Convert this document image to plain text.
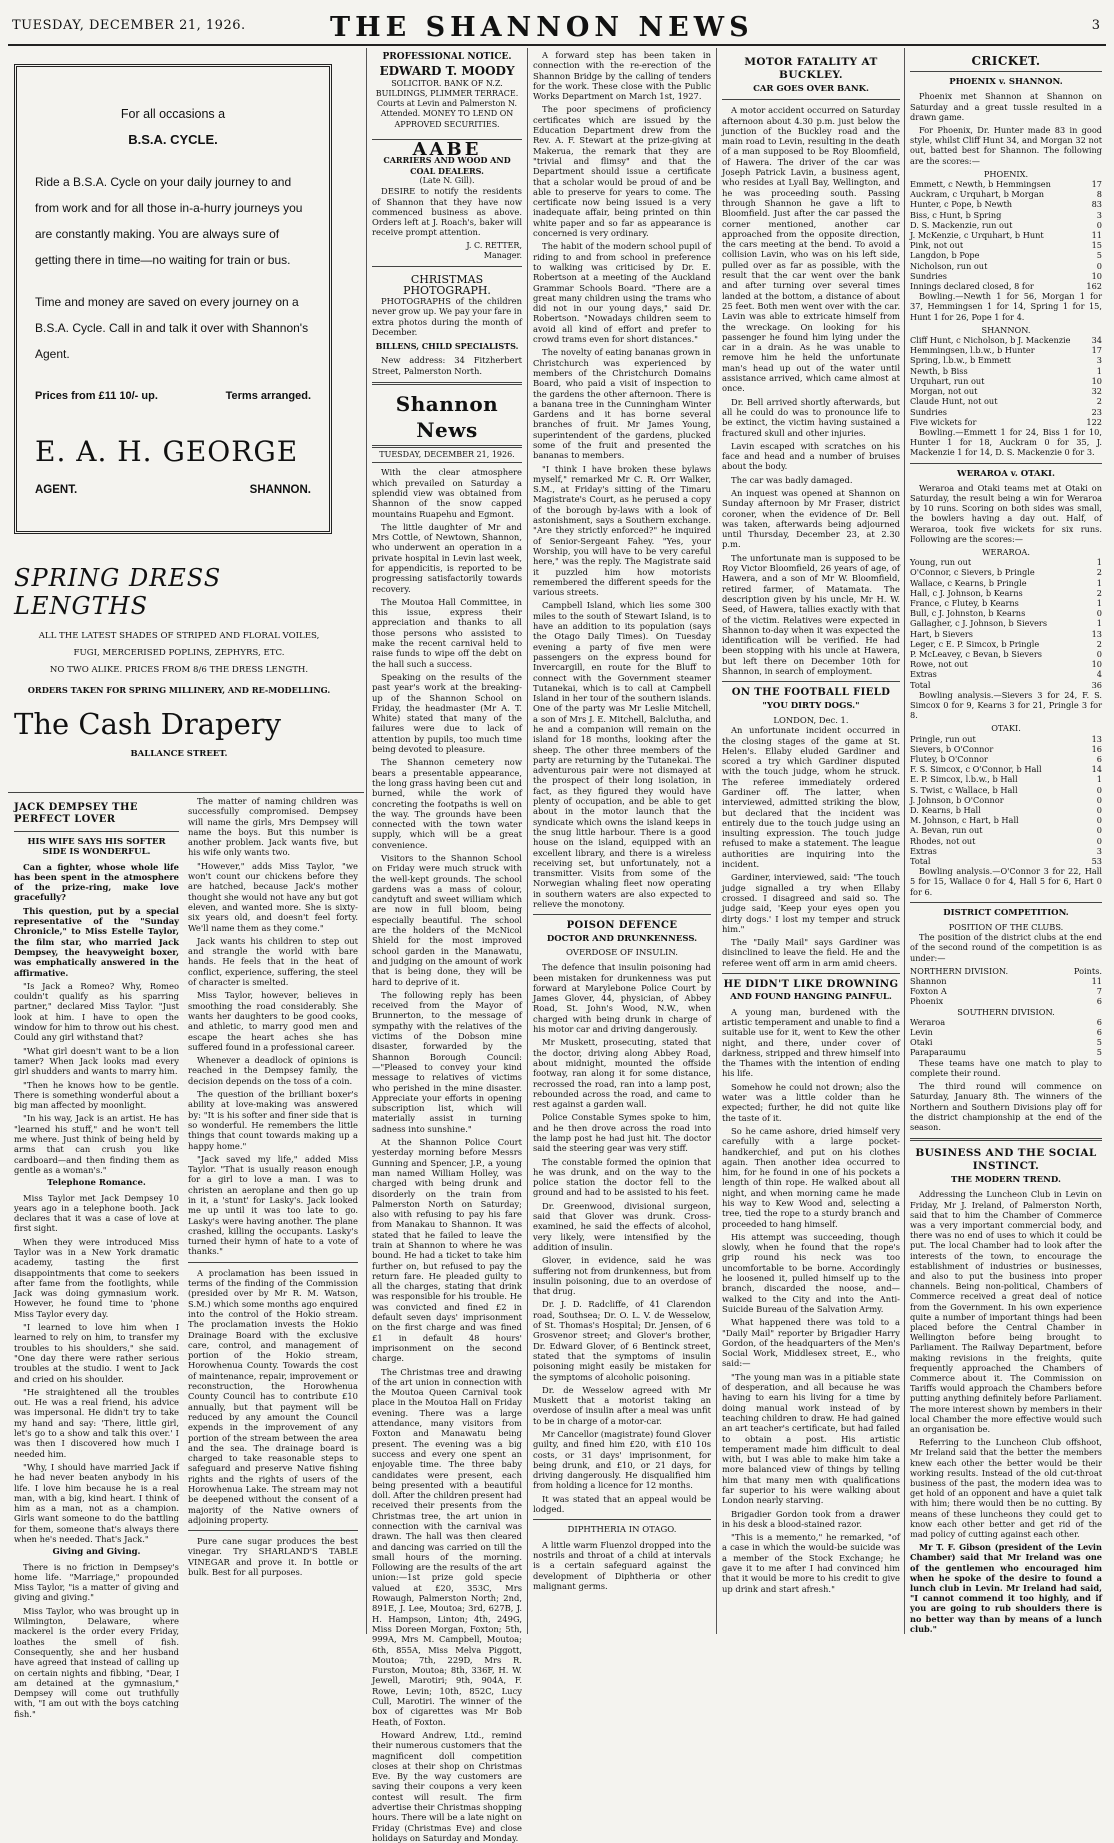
TUESDAY, DECEMBER 21, 1926.	THE SHANNON NEWS	3
For all occasions a
B.S.A. CYCLE.
Ride a B.S.A. Cycle on your daily journey to and from work and for all those in-a-hurry journeys you are constantly making. You are always sure of getting there in time—no waiting for train or bus.
Time and money are saved on every journey on a B.S.A. Cycle. Call in and talk it over with Shannon's Agent.
Prices from £11 10/- up.	Terms arranged.
E. A. H. GEORGE
AGENT.	SHANNON.
SPRING DRESS LENGTHS
ALL THE LATEST SHADES OF STRIPED AND FLORAL VOILES, FUGI, MERCERISED POPLINS, ZEPHYRS, ETC.
NO TWO ALIKE. PRICES FROM 8/6 THE DRESS LENGTH.
ORDERS TAKEN FOR SPRING MILLINERY, AND RE-MODELLING.
The Cash Drapery
BALLANCE STREET.
JACK DEMPSEY THE PERFECT LOVER
HIS WIFE SAYS HIS SOFTER SIDE IS WONDERFUL.

Can a fighter, whose whole life has been spent in the atmosphere of the prize-ring, make love gracefully?

This question, put by a special representative of the "Sunday Chronicle," to Miss Estelle Taylor, the film star, who married Jack Dempsey, the heavyweight boxer, was emphatically answered in the affirmative.

"Is Jack a Romeo? Why, Romeo couldn't qualify as his sparring partner," declared Miss Taylor. "Just look at him. I have to open the window for him to throw out his chest. Could any girl withstand that?

"What girl doesn't want to be a lion tamer? When Jack looks mad every girl shudders and wants to marry him.

"Then he knows how to be gentle. There is something wonderful about a big man affected by moonlight.

"In his way, Jack is an artist. He has "learned his stuff," and he won't tell me where. Just think of being held by arms that can crush you like cardboard—and then finding them as gentle as a woman's."

Telephone Romance.

Miss Taylor met Jack Dempsey 10 years ago in a telephone booth. Jack declares that it was a case of love at first sight.

When they were introduced Miss Taylor was in a New York dramatic academy, tasting the first disappointments that come to seekers after fame from the footlights, while Jack was doing gymnasium work. However, he found time to 'phone Miss Taylor every day.

"I learned to love him when I learned to rely on him, to transfer my troubles to his shoulders," she said. "One day there were rather serious troubles at the studio. I went to Jack and cried on his shoulder.

"He straightened all the troubles out. He was a real friend, his advice was impersonal. He didn't try to take my hand and say: 'There, little girl, let's go to a show and talk this over.' I was then I discovered how much I needed him.

"Why, I should have married Jack if he had never beaten anybody in his life. I love him because he is a real man, with a big, kind heart. I think of him as a man, not as a champion. Girls want someone to do the battling for them, someone that's always there when he's needed. That's Jack."

Giving and Giving.

There is no friction in Dempsey's home life. "Marriage," propounded Miss Taylor, "is a matter of giving and giving and giving."

Miss Taylor, who was brought up in Wilmington, Delaware, where mackerel is the order every Friday, loathes the smell of fish. Consequently, she and her husband have agreed that instead of calling up on certain nights and fibbing, "Dear, I am detained at the gymnasium," Dempsey will come out truthfully with, "I am out with the boys catching fish."

The matter of naming children was successfully compromised. Dempsey will name the girls, Mrs Dempsey will name the boys. But this number is another problem. Jack wants five, but his wife only wants two.

"However," adds Miss Taylor, "we won't count our chickens before they are hatched, because Jack's mother thought she would not have any but got eleven, and wanted more. She is sixty-six years old, and doesn't feel forty. We'll name them as they come."

Jack wants his children to step out and strangle the world with bare hands. He feels that in the heat of conflict, experience, suffering, the steel of character is smelted.

Miss Taylor, however, believes in smoothing the road considerably. She wants her daughters to be good cooks, and athletic, to marry good men and escape the heart aches she has suffered found in a professional career.

Whenever a deadlock of opinions is reached in the Dempsey family, the decision depends on the toss of a coin.

The question of the brilliant boxer's ability at love-making was answered by: "It is his softer and finer side that is so wonderful. He remembers the little things that count towards making up a happy home."

"Jack saved my life," added Miss Taylor. "That is usually reason enough for a girl to love a man. I was to christen an aeroplane and then go up in it, a 'stunt' for Lasky's. Jack looked me up until it was too late to go. Lasky's were having another. The plane crashed, killing the occupants. Lasky's turned their hymn of hate to a vote of thanks."

A proclamation has been issued in terms of the finding of the Commission (presided over by Mr R. M. Watson, S.M.) which some months ago enquired into the control of the Hokio stream. The proclamation invests the Hokio Drainage Board with the exclusive care, control, and management of portion of the Hokio stream, Horowhenua County. Towards the cost of maintenance, repair, improvement or reconstruction, the Horowhenua County Council has to contribute £10 annually, but that payment will be reduced by any amount the Council expends in the improvement of any portion of the stream between the area and the sea. The drainage board is charged to take reasonable steps to safeguard and preserve Native fishing rights and the rights of users of the Horowhenua Lake. The stream may not be deepened without the consent of a majority of the Native owners of adjoining property.

Pure cane sugar produces the best vinegar. Try SHARLAND'S TABLE VINEGAR and prove it. In bottle or bulk. Best for all purposes.

PROFESSIONAL NOTICE.
EDWARD T. MOODY
SOLICITOR. BANK OF N.Z. BUILDINGS, PLIMMER TERRACE. Courts at Levin and Palmerston N. Attended. MONEY TO LEND ON APPROVED SECURITIES.
AABE
CARRIERS AND WOOD AND COAL DEALERS.
(Late N. Gill).

DESIRE to notify the residents of Shannon that they have now commenced business as above. Orders left at J. Roach's, baker will receive prompt attention.

J. C. RETTER,
Manager.
CHRISTMAS PHOTOGRAPH.

PHOTOGRAPHS of the children never grow up. We pay your fare in extra photos during the month of December.

BILLENS, CHILD SPECIALISTS.

New address: 34 Fitzherbert Street, Palmerston North.

Shannon News
TUESDAY, DECEMBER 21, 1926.

With the clear atmosphere which prevailed on Saturday a splendid view was obtained from Shannon of the snow capped mountains Ruapehu and Egmont.

The little daughter of Mr and Mrs Cottle, of Newtown, Shannon, who underwent an operation in a private hospital in Levin last week, for appendicitis, is reported to be progressing satisfactorily towards recovery.

The Moutoa Hall Committee, in this issue, express their appreciation and thanks to all those persons who assisted to make the recent carnival held to raise funds to wipe off the debt on the hall such a success.

Speaking on the results of the past year's work at the breaking-up of the Shannon School on Friday, the headmaster (Mr A. T. White) stated that many of the failures were due to lack of attention by pupils, too much time being devoted to pleasure.

The Shannon cemetery now bears a presentable appearance, the long grass having been cut and burned, while the work of concreting the footpaths is well on the way. The grounds have been connected with the town water supply, which will be a great convenience.

Visitors to the Shannon School on Friday were much struck with the well-kept grounds. The school gardens was a mass of colour, candytuft and sweet william which are now in full bloom, being especially beautiful. The school are the holders of the McNicol Shield for the most improved school garden in the Manawatu, and judging on the amount of work that is being done, they will be hard to deprive of it.

The following reply has been received from the Mayor of Brunnerton, to the message of sympathy with the relatives of the victims of the Dobson mine disaster, forwarded by the Shannon Borough Council:—"Pleased to convey your kind message to relatives of victims who perished in the mine disaster. Appreciate your efforts in opening subscription list, which will materially assist in turning sadness into sunshine."

At the Shannon Police Court yesterday morning before Messrs Gunning and Spencer, J.P., a young man named William Holley, was charged with being drunk and disorderly on the train from Palmerston North on Saturday; also with refusing to pay his fare from Manakau to Shannon. It was stated that he failed to leave the train at Shannon to where he was bound. He had a ticket to take him further on, but refused to pay the return fare. He pleaded guilty to all the charges, stating that drink was responsible for his trouble. He was convicted and fined £2 in default seven days' imprisonment on the first charge and was fined £1 in default 48 hours' imprisonment on the second charge.

The Christmas tree and drawing of the art union in connection with the Moutoa Queen Carnival took place in the Moutoa Hall on Friday evening. There was a large attendance, many visitors from Foxton and Manawatu being present. The evening was a big success and every one spent an enjoyable time. The three baby candidates were present, each being presented with a beautiful doll. After the children present had received their presents from the Christmas tree, the art union in connection with the carnival was drawn. The hall was then cleared and dancing was carried on till the small hours of the morning. Following are the results of the art union:—1st prize gold specie valued at £20, 353C, Mrs Rowaugh, Palmerston North; 2nd, 891E, J. Lee, Moutoa; 3rd, 627B, J. H. Hampson, Linton; 4th, 249G, Miss Doreen Morgan, Foxton; 5th, 999A, Mrs M. Campbell, Moutoa; 6th, 855A, Miss Melva Piggott, Moutoa; 7th, 229D, Mrs R. Furston, Moutoa; 8th, 336F, H. W. Jewell, Marotiri; 9th, 904A, F. Rowe, Levin; 10th, 852C, Lucy Cull, Marotiri. The winner of the box of cigarettes was Mr Bob Heath, of Foxton.

Howard Andrew, Ltd., remind their numerous customers that the magnificent doll competition closes at their shop on Christmas Eve. By the way customers are saving their coupons a very keen contest will result. The firm advertise their Christmas shopping hours. There will be a late night on Friday (Christmas Eve) and close holidays on Saturday and Monday.

A forward step has been taken in connection with the re-erection of the Shannon Bridge by the calling of tenders for the work. These close with the Public Works Department on March 1st, 1927.

The poor specimens of proficiency certificates which are issued by the Education Department drew from the Rev. A. F. Stewart at the prize-giving at Makerua, the remark that they are "trivial and flimsy" and that the Department should issue a certificate that a scholar would be proud of and be able to preserve for years to come. The certificate now being issued is a very inadequate affair, being printed on thin white paper and so far as appearance is concerned is very ordinary.

The habit of the modern school pupil of riding to and from school in preference to walking was criticised by Dr. E. Robertson at a meeting of the Auckland Grammar Schools Board. "There are a great many children using the trams who did not in our young days," said Dr. Robertson. "Nowadays children seem to avoid all kind of effort and prefer to crowd trams even for short distances."

The novelty of eating bananas grown in Christchurch was experienced by members of the Christchurch Domains Board, who paid a visit of inspection to the gardens the other afternoon. There is a banana tree in the Cunningham Winter Gardens and it has borne several branches of fruit. Mr James Young, superintendent of the gardens, plucked some of the fruit and presented the bananas to members.

"I think I have broken these bylaws myself," remarked Mr C. R. Orr Walker, S.M., at Friday's sitting of the Timaru Magistrate's Court, as he perused a copy of the borough by-laws with a look of astonishment, says a Southern exchange. "Are they strictly enforced?" he inquired of Senior-Sergeant Fahey. "Yes, your Worship, you will have to be very careful here," was the reply. The Magistrate said it puzzled him how motorists remembered the different speeds for the various streets.

Campbell Island, which lies some 300 miles to the south of Stewart Island, is to have an addition to its population (says the Otago Daily Times). On Tuesday evening a party of five men were passengers on the express bound for Invercargill, en route for the Bluff to connect with the Government steamer Tutanekai, which is to call at Campbell Island in her tour of the southern islands. One of the party was Mr Leslie Mitchell, a son of Mrs J. E. Mitchell, Balclutha, and he and a companion will remain on the island for 18 months, looking after the sheep. The other three members of the party are returning by the Tutanekai. The adventurous pair were not dismayed at the prospect of their long isolation, in fact, as they figured they would have plenty of occupation, and be able to get about in the motor launch that the syndicate which owns the island keeps in the snug little harbour. There is a good house on the island, equipped with an excellent library, and there is a wireless receiving set, but unfortunately, not a transmitter. Visits from some of the Norwegian whaling fleet now operating in southern waters are also expected to relieve the monotony.

POISON DEFENCE
DOCTOR AND DRUNKENNESS.
OVERDOSE OF INSULIN.

The defence that insulin poisoning had been mistaken for drunkenness was put forward at Marylebone Police Court by James Glover, 44, physician, of Abbey Road, St. John's Wood, N.W., when charged with being drunk in charge of his motor car and driving dangerously.

Mr Muskett, prosecuting, stated that the doctor, driving along Abbey Road, about midnight, mounted the offside footway, ran along it for some distance, recrossed the road, ran into a lamp post, rebounded across the road, and came to rest against a garden wall.

Police Constable Symes spoke to him, and he then drove across the road into the lamp post he had just hit. The doctor said the steering gear was very stiff.

The constable formed the opinion that he was drunk, and on the way to the police station the doctor fell to the ground and had to be assisted to his feet.

Dr. Greenwood, divisional surgeon, said that Glover was drunk. Cross-examined, he said the effects of alcohol, very likely, were intensified by the addition of insulin.

Glover, in evidence, said he was suffering not from drunkenness, but from insulin poisoning, due to an overdose of that drug.

Dr. J. D. Radcliffe, of 41 Clarendon road, Southsea; Dr. O. L. V. de Wesselow, of St. Thomas's Hospital; Dr. Jensen, of 6 Grosvenor street; and Glover's brother, Dr. Edward Glover, of 6 Bentinck street, stated that the symptoms of insulin poisoning might easily be mistaken for the symptoms of alcoholic poisoning.

Dr. de Wesselow agreed with Mr Muskett that a motorist taking an overdose of insulin after a meal was unfit to be in charge of a motor-car.

Mr Cancellor (magistrate) found Glover guilty, and fined him £20, with £10 10s costs, or 31 days' imprisonment, for being drunk, and £10, or 21 days, for driving dangerously. He disqualified him from holding a licence for 12 months.

It was stated that an appeal would be lodged.

DIPHTHERIA IN OTAGO.

A little warm Fluenzol dropped into the nostrils and throat of a child at intervals is a certain safeguard against the development of Diphtheria or other malignant germs.

MOTOR FATALITY AT BUCKLEY.
CAR GOES OVER BANK.

A motor accident occurred on Saturday afternoon about 4.30 p.m. just below the junction of the Buckley road and the main road to Levin, resulting in the death of a man supposed to be Roy Bloomfield, of Hawera. The driver of the car was Joseph Patrick Lavin, a business agent, who resides at Lyall Bay, Wellington, and he was proceeding south. Passing through Shannon he gave a lift to Bloomfield. Just after the car passed the corner mentioned, another car approached from the opposite direction, the cars meeting at the bend. To avoid a collision Lavin, who was on his left side, pulled over as far as possible, with the result that the car went over the bank and after turning over several times landed at the bottom, a distance of about 25 feet. Both men went over with the car. Lavin was able to extricate himself from the wreckage. On looking for his passenger he found him lying under the car in a drain. As he was unable to remove him he held the unfortunate man's head up out of the water until assistance arrived, which came almost at once.

Dr. Bell arrived shortly afterwards, but all he could do was to pronounce life to be extinct, the victim having sustained a fractured skull and other injuries.

Lavin escaped with scratches on his face and head and a number of bruises about the body.

The car was badly damaged.

An inquest was opened at Shannon on Sunday afternoon by Mr Fraser, district coroner, when the evidence of Dr. Bell was taken, afterwards being adjourned until Thursday, December 23, at 2.30 p.m.

The unfortunate man is supposed to be Roy Victor Bloomfield, 26 years of age, of Hawera, and a son of Mr W. Bloomfield, retired farmer, of Matamata. The description given by his uncle, Mr H. W. Seed, of Hawera, tallies exactly with that of the victim. Relatives were expected in Shannon to-day when it was expected the identification will be verified. He had been stopping with his uncle at Hawera, but left there on December 10th for Shannon, in search of employment.

ON THE FOOTBALL FIELD
"YOU DIRTY DOGS."
LONDON, Dec. 1.

An unfortunate incident occurred in the closing stages of the game at St. Helen's. Ellaby eluded Gardiner and scored a try which Gardiner disputed with the touch judge, whom he struck. The referee immediately ordered Gardiner off. The latter, when interviewed, admitted striking the blow, but declared that the incident was entirely due to the touch judge using an insulting expression. The touch judge refused to make a statement. The league authorities are inquiring into the incident.

Gardiner, interviewed, said: "The touch judge signalled a try when Ellaby crossed. I disagreed and said so. The judge said, 'Keep your eyes open you dirty dogs.' I lost my temper and struck him."

The "Daily Mail" says Gardiner was disinclined to leave the field. He and the referee went off arm in arm amid cheers.

HE DIDN'T LIKE DROWNING
AND FOUND HANGING PAINFUL.

A young man, burdened with the artistic temperament and unable to find a suitable use for it, went to Kew the other night, and there, under cover of darkness, stripped and threw himself into the Thames with the intention of ending his life.

Somehow he could not drown; also the water was a little colder than he expected; further, he did not quite like the taste of it.

So he came ashore, dried himself very carefully with a large pocket-handkerchief, and put on his clothes again. Then another idea occurred to him, for he found in one of his pockets a length of thin rope. He walked about all night, and when morning came he made his way to Kew Wood and, selecting a tree, tied the rope to a sturdy branch and proceeded to hang himself.

His attempt was succeeding, though slowly, when he found that the rope's grip round his neck was too uncomfortable to be borne. Accordingly he loosened it, pulled himself up to the branch, discarded the noose, and—walked to the City and into the Anti-Suicide Bureau of the Salvation Army.

What happened there was told to a "Daily Mail" reporter by Brigadier Harry Gordon, of the headquarters of the Men's Social Work, Middlesex street, E., who said:—

"The young man was in a pitiable state of desperation, and all because he was having to earn his living for a time by doing manual work instead of by teaching children to draw. He had gained an art teacher's certificate, but had failed to obtain a post. His artistic temperament made him difficult to deal with, but I was able to make him take a more balanced view of things by telling him that many men with qualifications far superior to his were walking about London nearly starving.

Brigadier Gordon took from a drawer in his desk a blood-stained razor.

"This is a memento," he remarked, "of a case in which the would-be suicide was a member of the Stock Exchange; he gave it to me after I had convinced him that it would be more to his credit to give up drink and start afresh."

CRICKET.
PHOENIX v. SHANNON.

Phoenix met Shannon at Shannon on Saturday and a great tussle resulted in a drawn game.

For Phoenix, Dr. Hunter made 83 in good style, whilst Cliff Hunt 34, and Morgan 32 not out, batted best for Shannon. The following are the scores:—

PHOENIX.
Emmett, c Newth, b Hemmingsen	17
Auckram, c Urquhart, b Morgan	8
Hunter, c Pope, b Newth	83
Biss, c Hunt, b Spring	3
D. S. Mackenzie, run out	0
J. McKenzie, c Urquhart, b Hunt	11
Pink, not out	15
Langdon, b Pope	5
Nicholson, run out	0
Sundries	10
Innings declared closed, 8 for	162

Bowling.—Newth 1 for 56, Morgan 1 for 37, Hemmingsen 1 for 14, Spring 1 for 15, Hunt 1 for 26, Pope 1 for 4.

SHANNON.
Cliff Hunt, c Nicholson, b J. Mackenzie	34
Hemmingsen, l.b.w., b Hunter	17
Spring, l.b.w., b Emmett	3
Newth, b Biss	1
Urquhart, run out	10
Morgan, not out	32
Claude Hunt, not out	2
Sundries	23
Five wickets for	122

Bowling.—Emmett 1 for 24, Biss 1 for 10, Hunter 1 for 18, Auckram 0 for 35, J. Mackenzie 1 for 14, D. S. Mackenzie 0 for 3.

WERAROA v. OTAKI.

Weraroa and Otaki teams met at Otaki on Saturday, the result being a win for Weraroa by 10 runs. Scoring on both sides was small, the bowlers having a day out. Half, of Weraroa, took five wickets for six runs. Following are the scores:—

WERAROA.
Young, run out	1
O'Connor, c Sievers, b Pringle	2
Wallace, c Kearns, b Pringle	1
Hall, c J. Johnson, b Kearns	2
France, c Flutey, b Kearns	1
Bull, c J. Johnston, b Kearns	0
Gallagher, c J. Johnson, b Sievers	1
Hart, b Sievers	13
Leger, c E. P. Simcox, b Pringle	2
P. McLeavey, c Bevan, b Sievers	0
Rowe, not out	10
Extras	4
Total	36

Bowling analysis.—Sievers 3 for 24, F. S. Simcox 0 for 9, Kearns 3 for 21, Pringle 3 for 8.

OTAKI.
Pringle, run out	13
Sievers, b O'Connor	16
Flutey, b O'Connor	6
F. S. Simcox, c O'Connor, b Hall	14
E. P. Simcox, l.b.w., b Hall	1
S. Twist, c Wallace, b Hall	0
J. Johnson, b O'Connor	0
D. Kearns, b Hall	0
M. Johnson, c Hart, b Hall	0
A. Bevan, run out	0
Rhodes, not out	0
Extras	3
Total	53

Bowling analysis.—O'Connor 3 for 22, Hall 5 for 15, Wallace 0 for 4, Hall 5 for 6, Hart 0 for 6.

DISTRICT COMPETITION.
POSITION OF THE CLUBS.

The position of the district clubs at the end of the second round of the competition is as under:—

NORTHERN DIVISION.	Points.
Shannon	11
Foxton A	7
Phoenix	6
SOUTHERN DIVISION.
Weraroa	6
Levin	6
Otaki	5
Paraparaumu	5

These teams have one match to play to complete their round.

The third round will commence on Saturday, January 8th. The winners of the Northern and Southern Divisions play off for the district championship at the end of the season.

BUSINESS AND THE SOCIAL INSTINCT.
THE MODERN TREND.

Addressing the Luncheon Club in Levin on Friday, Mr J. Ireland, of Palmerston North, said that to him the Chamber of Commerce was a very important commercial body, and there was no end of uses to which it could be put. The local Chamber had to look after the interests of the town, to encourage the establishment of industries or businesses, and also to put the business into proper channels. Being non-political, Chambers of Commerce received a great deal of notice from the Government. In his own experience quite a number of important things had been placed before the Central Chamber in Wellington before being brought to Parliament. The Railway Department, before making revisions in the freights, quite frequently approached the Chambers of Commerce about it. The Commission on Tariffs would approach the Chambers before putting anything definitely before Parliament. The more interest shown by members in their local Chamber the more effective would such an organisation be.

Referring to the Luncheon Club offshoot, Mr Ireland said that the better the members knew each other the better would be their working results. Instead of the old cut-throat business of the past, the modern idea was to get hold of an opponent and have a quiet talk with him; there would then be no cutting. By means of these luncheons they could get to know each other better and get rid of the mad policy of cutting against each other.

Mr T. F. Gibson (president of the Levin Chamber) said that Mr Ireland was one of the gentlemen who encouraged him when he spoke of the desire to found a lunch club in Levin. Mr Ireland had said, "I cannot commend it too highly, and if you are going to rub shoulders there is no better way than by means of a lunch club."
